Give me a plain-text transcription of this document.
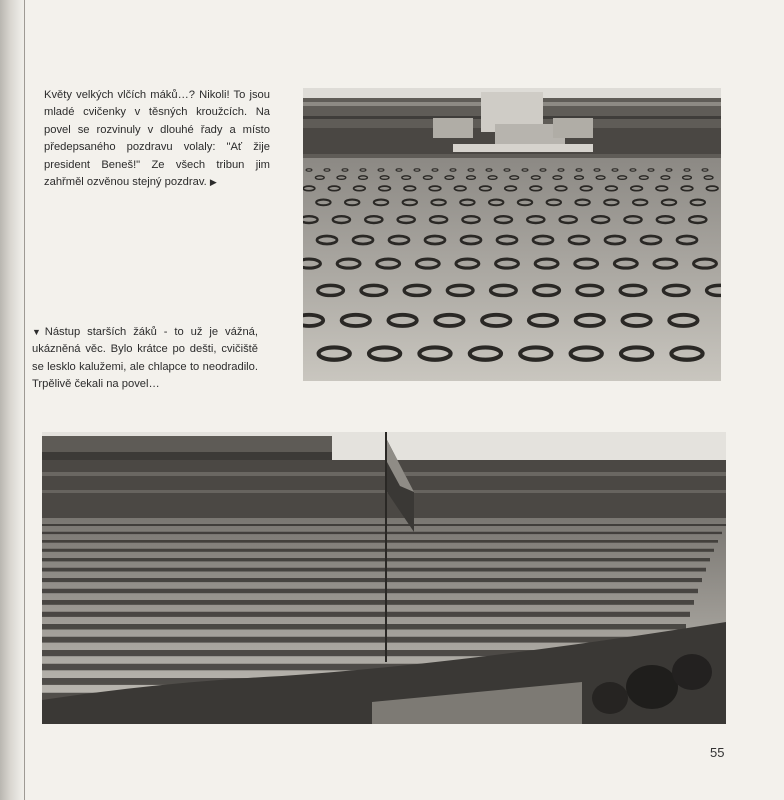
Květy velkých vlčích máků…? Nikoli! To jsou mladé cvičenky v těsných kroužcích. Na povel se rozvinuly v dlouhé řady a místo předepsaného pozdravu volaly: "Ať žije president Beneš!" Ze všech tribun jim zahřměl ozvěnou stejný pozdrav. ▶

▼Nástup starších žáků - to už je vážná, ukázněná věc. Bylo krátce po dešti, cvičiště se lesklo kalužemi, ale chlapce to neodradilo. Trpělivě čekali na povel…

55
